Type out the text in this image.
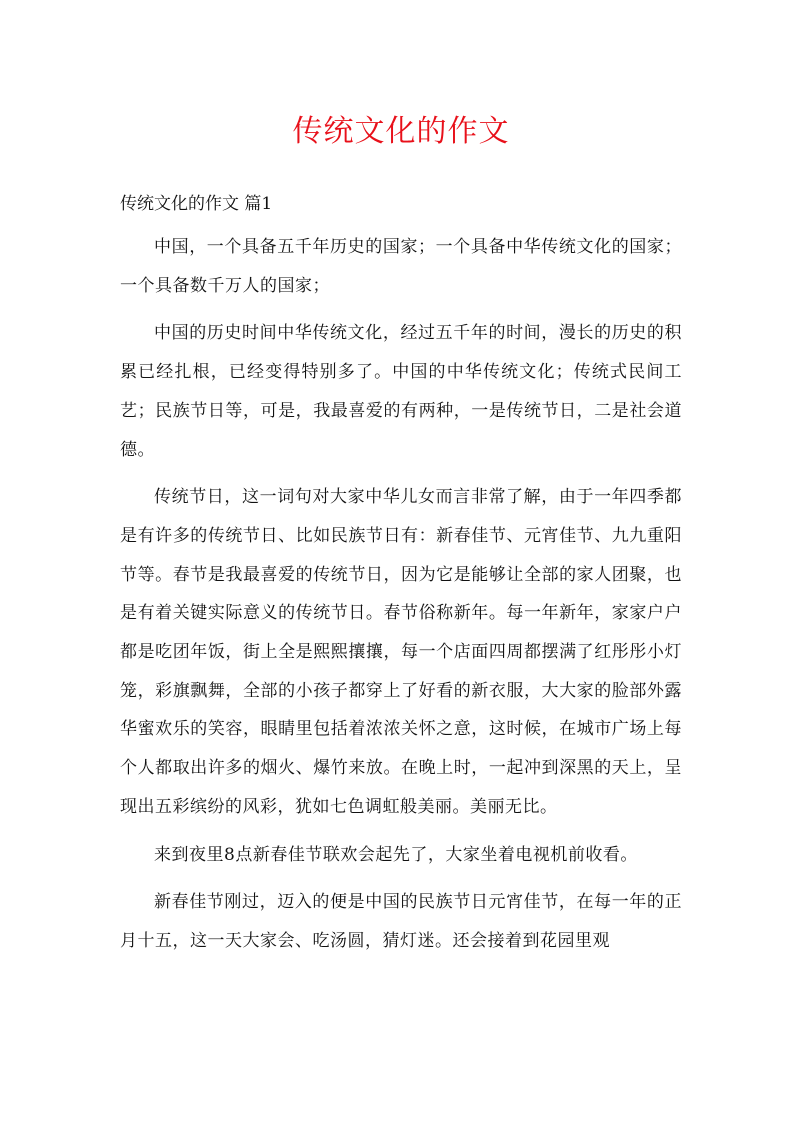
传统文化的作文

传统文化的作文 篇1

中国，一个具备五千年历史的国家；一个具备中华传统文化的国家；一个具备数千万人的国家；

中国的历史时间中华传统文化，经过五千年的时间，漫长的历史的积累已经扎根，已经变得特别多了。中国的中华传统文化；传统式民间工艺；民族节日等，可是，我最喜爱的有两种，一是传统节日，二是社会道德。

传统节日，这一词句对大家中华儿女而言非常了解，由于一年四季都是有许多的传统节日、比如民族节日有：新春佳节、元宵佳节、九九重阳节等。春节是我最喜爱的传统节日，因为它是能够让全部的家人团聚，也是有着关键实际意义的传统节日。春节俗称新年。每一年新年，家家户户都是吃团年饭，街上全是熙熙攘攘，每一个店面四周都摆满了红彤彤小灯笼，彩旗飘舞，全部的小孩子都穿上了好看的新衣服，大大家的脸部外露华蜜欢乐的笑容，眼睛里包括着浓浓关怀之意，这时候，在城市广场上每个人都取出许多的烟火、爆竹来放。在晚上时，一起冲到深黑的天上，呈现出五彩缤纷的风彩，犹如七色调虹般美丽。美丽无比。

来到夜里8点新春佳节联欢会起先了，大家坐着电视机前收看。

新春佳节刚过，迈入的便是中国的民族节日元宵佳节，在每一年的正月十五，这一天大家会、吃汤圆，猜灯迷。还会接着到花园里观
